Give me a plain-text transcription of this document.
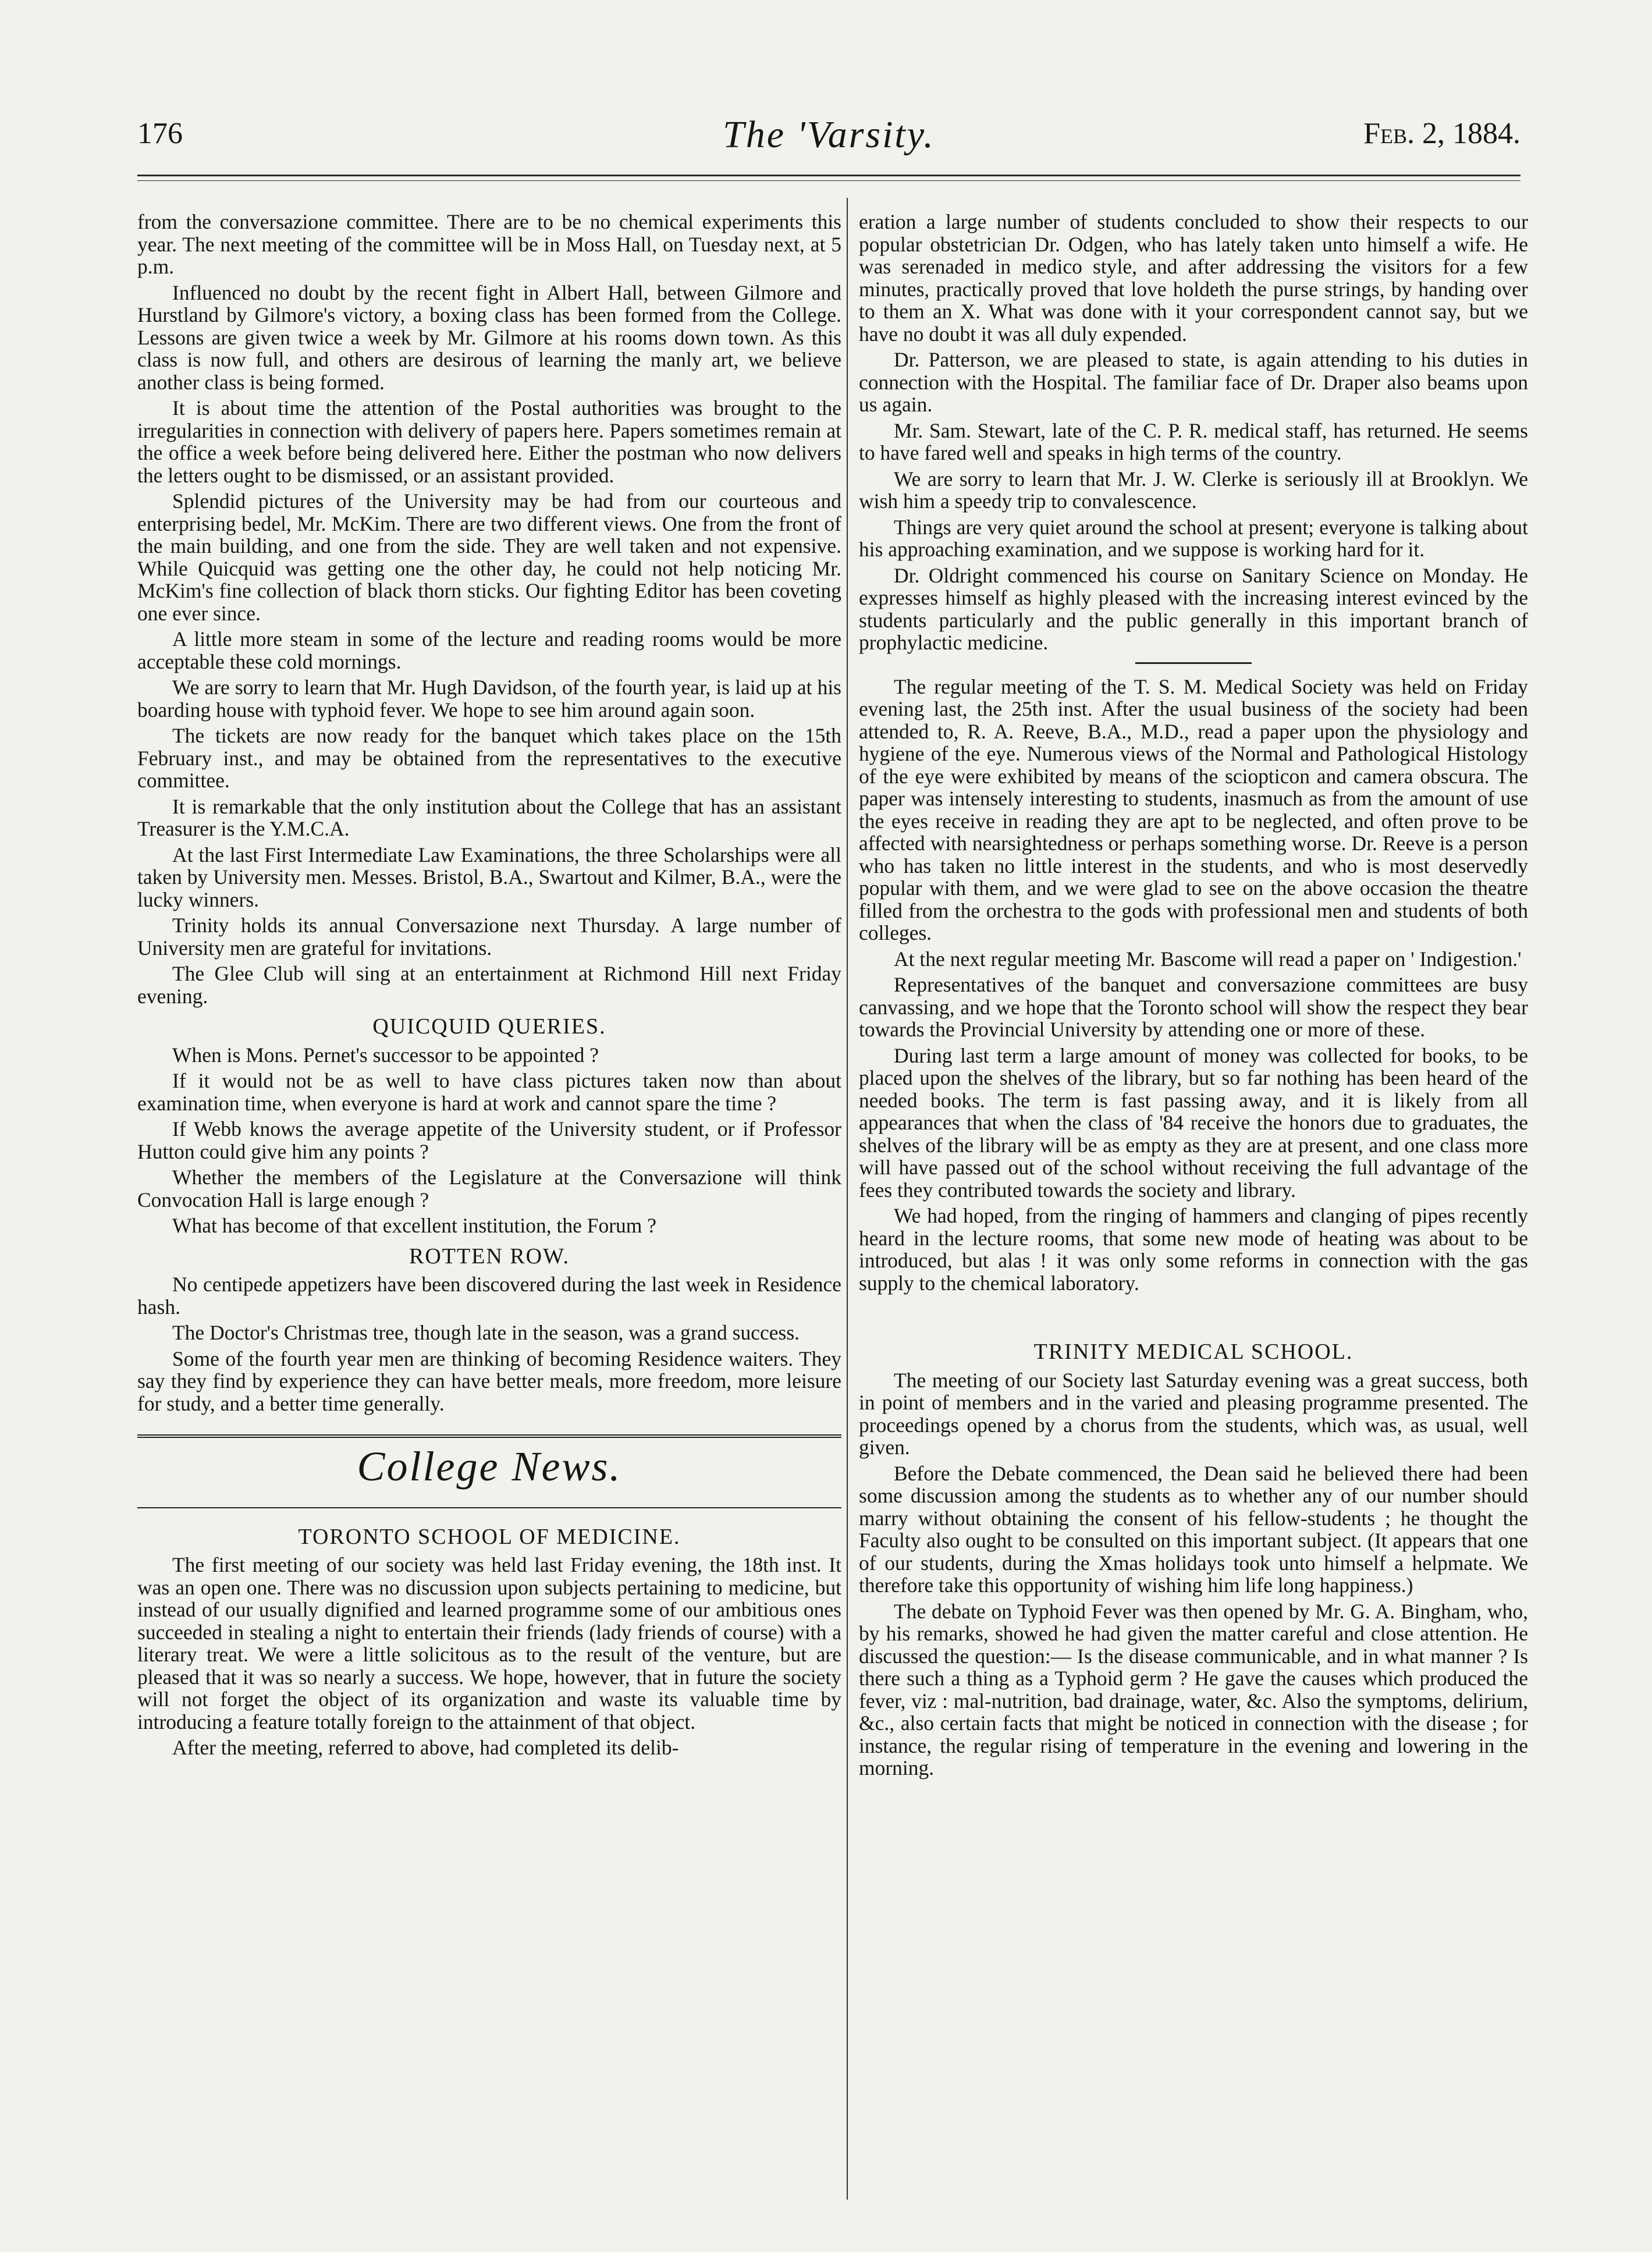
176	The 'Varsity.	Feb. 2, 1884.

from the conversazione committee. There are to be no chemical experiments this year. The next meeting of the committee will be in Moss Hall, on Tuesday next, at 5 p.m.

Influenced no doubt by the recent fight in Albert Hall, between Gilmore and Hurstland by Gilmore's victory, a boxing class has been formed from the College. Lessons are given twice a week by Mr. Gilmore at his rooms down town. As this class is now full, and others are desirous of learning the manly art, we believe another class is being formed.

It is about time the attention of the Postal authorities was brought to the irregularities in connection with delivery of papers here. Papers sometimes remain at the office a week before being delivered here. Either the postman who now delivers the letters ought to be dismissed, or an assistant provided.

Splendid pictures of the University may be had from our courteous and enterprising bedel, Mr. McKim. There are two different views. One from the front of the main building, and one from the side. They are well taken and not expensive. While Quicquid was getting one the other day, he could not help noticing Mr. McKim's fine collection of black thorn sticks. Our fighting Editor has been coveting one ever since.

A little more steam in some of the lecture and reading rooms would be more acceptable these cold mornings.

We are sorry to learn that Mr. Hugh Davidson, of the fourth year, is laid up at his boarding house with typhoid fever. We hope to see him around again soon.

The tickets are now ready for the banquet which takes place on the 15th February inst., and may be obtained from the representatives to the executive committee.

It is remarkable that the only institution about the College that has an assistant Treasurer is the Y.M.C.A.

At the last First Intermediate Law Examinations, the three Scholarships were all taken by University men. Messes. Bristol, B.A., Swartout and Kilmer, B.A., were the lucky winners.

Trinity holds its annual Conversazione next Thursday. A large number of University men are grateful for invitations.

The Glee Club will sing at an entertainment at Richmond Hill next Friday evening.

QUICQUID QUERIES.

When is Mons. Pernet's successor to be appointed ?

If it would not be as well to have class pictures taken now than about examination time, when everyone is hard at work and cannot spare the time ?

If Webb knows the average appetite of the University student, or if Professor Hutton could give him any points ?

Whether the members of the Legislature at the Conversazione will think Convocation Hall is large enough ?

What has become of that excellent institution, the Forum ?

ROTTEN ROW.

No centipede appetizers have been discovered during the last week in Residence hash.

The Doctor's Christmas tree, though late in the season, was a grand success.

Some of the fourth year men are thinking of becoming Residence waiters. They say they find by experience they can have better meals, more freedom, more leisure for study, and a better time generally.

College News.
TORONTO SCHOOL OF MEDICINE.

The first meeting of our society was held last Friday evening, the 18th inst. It was an open one. There was no discussion upon subjects pertaining to medicine, but instead of our usually dignified and learned programme some of our ambitious ones succeeded in stealing a night to entertain their friends (lady friends of course) with a literary treat. We were a little solicitous as to the result of the venture, but are pleased that it was so nearly a success. We hope, however, that in future the society will not forget the object of its organization and waste its valuable time by introducing a feature totally foreign to the attainment of that object.

After the meeting, referred to above, had completed its delib-

eration a large number of students concluded to show their respects to our popular obstetrician Dr. Odgen, who has lately taken unto himself a wife. He was serenaded in medico style, and after addressing the visitors for a few minutes, practically proved that love holdeth the purse strings, by handing over to them an X. What was done with it your correspondent cannot say, but we have no doubt it was all duly expended.

Dr. Patterson, we are pleased to state, is again attending to his duties in connection with the Hospital. The familiar face of Dr. Draper also beams upon us again.

Mr. Sam. Stewart, late of the C. P. R. medical staff, has returned. He seems to have fared well and speaks in high terms of the country.

We are sorry to learn that Mr. J. W. Clerke is seriously ill at Brooklyn. We wish him a speedy trip to convalescence.

Things are very quiet around the school at present; everyone is talking about his approaching examination, and we suppose is working hard for it.

Dr. Oldright commenced his course on Sanitary Science on Monday. He expresses himself as highly pleased with the increasing interest evinced by the students particularly and the public generally in this important branch of prophylactic medicine.

The regular meeting of the T. S. M. Medical Society was held on Friday evening last, the 25th inst. After the usual business of the society had been attended to, R. A. Reeve, B.A., M.D., read a paper upon the physiology and hygiene of the eye. Numerous views of the Normal and Pathological Histology of the eye were exhibited by means of the sciopticon and camera obscura. The paper was intensely interesting to students, inasmuch as from the amount of use the eyes receive in reading they are apt to be neglected, and often prove to be affected with nearsightedness or perhaps something worse. Dr. Reeve is a person who has taken no little interest in the students, and who is most deservedly popular with them, and we were glad to see on the above occasion the theatre filled from the orchestra to the gods with professional men and students of both colleges.

At the next regular meeting Mr. Bascome will read a paper on ' Indigestion.'

Representatives of the banquet and conversazione committees are busy canvassing, and we hope that the Toronto school will show the respect they bear towards the Provincial University by attending one or more of these.

During last term a large amount of money was collected for books, to be placed upon the shelves of the library, but so far nothing has been heard of the needed books. The term is fast passing away, and it is likely from all appearances that when the class of '84 receive the honors due to graduates, the shelves of the library will be as empty as they are at present, and one class more will have passed out of the school without receiving the full advantage of the fees they contributed towards the society and library.

We had hoped, from the ringing of hammers and clanging of pipes recently heard in the lecture rooms, that some new mode of heating was about to be introduced, but alas ! it was only some reforms in connection with the gas supply to the chemical laboratory.

TRINITY MEDICAL SCHOOL.

The meeting of our Society last Saturday evening was a great success, both in point of members and in the varied and pleasing programme presented. The proceedings opened by a chorus from the students, which was, as usual, well given.

Before the Debate commenced, the Dean said he believed there had been some discussion among the students as to whether any of our number should marry without obtaining the consent of his fellow-students ; he thought the Faculty also ought to be consulted on this important subject. (It appears that one of our students, during the Xmas holidays took unto himself a helpmate. We therefore take this opportunity of wishing him life long happiness.)

The debate on Typhoid Fever was then opened by Mr. G. A. Bingham, who, by his remarks, showed he had given the matter careful and close attention. He discussed the question:— Is the disease communicable, and in what manner ? Is there such a thing as a Typhoid germ ? He gave the causes which produced the fever, viz : mal-nutrition, bad drainage, water, &c. Also the symptoms, delirium, &c., also certain facts that might be noticed in connection with the disease ; for instance, the regular rising of temperature in the evening and lowering in the morning.
